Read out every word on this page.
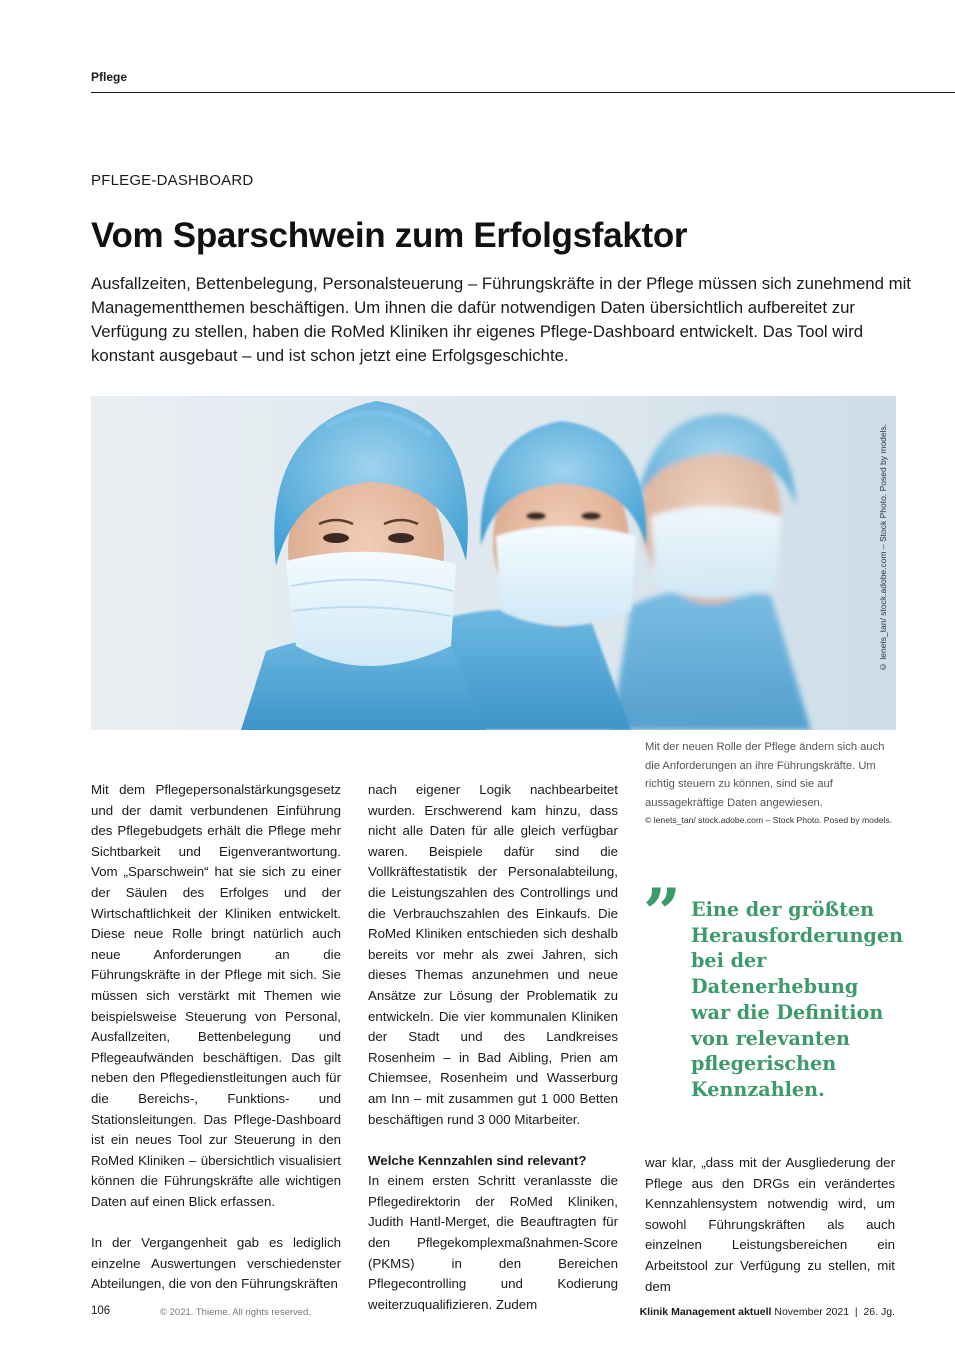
Pflege
PFLEGE-DASHBOARD
Vom Sparschwein zum Erfolgsfaktor

Ausfallzeiten, Bettenbelegung, Personalsteuerung – Führungskräfte in der Pflege müssen sich zunehmend mit Managementthemen beschäftigen. Um ihnen die dafür notwendigen Daten übersichtlich aufbereitet zur Verfügung zu stellen, haben die RoMed Kliniken ihr eigenes Pflege-Dashboard entwickelt. Das Tool wird konstant ausgebaut – und ist schon jetzt eine Erfolgsgeschichte.

© lenets_tan/ stock.adobe.com – Stock Photo. Posed by models.
Mit der neuen Rolle der Pflege ändern sich auch die Anforderungen an ihre Führungskräfte. Um richtig steuern zu können, sind sie auf aussagekräftige Daten angewiesen.
© lenets_tan/ stock.adobe.com – Stock Photo. Posed by models.

Mit dem Pflegepersonalstärkungsgesetz und der damit verbundenen Einführung des Pflegebudgets erhält die Pflege mehr Sichtbarkeit und Eigenverantwortung. Vom „Sparschwein“ hat sie sich zu einer der Säulen des Erfolges und der Wirtschaftlichkeit der Kliniken entwickelt. Diese neue Rolle bringt natürlich auch neue Anforderungen an die Führungskräfte in der Pflege mit sich. Sie müssen sich verstärkt mit Themen wie beispielsweise Steuerung von Personal, Ausfallzeiten, Bettenbelegung und Pflegeaufwänden beschäftigen. Das gilt neben den Pflegedienstleitungen auch für die Bereichs-, Funktions- und Stationsleitungen. Das Pflege-Dashboard ist ein neues Tool zur Steuerung in den RoMed Kliniken – übersichtlich visualisiert können die Führungskräfte alle wichtigen Daten auf einen Blick erfassen.

In der Vergangenheit gab es lediglich einzelne Auswertungen verschiedenster Abteilungen, die von den Führungskräften

nach eigener Logik nachbearbeitet wurden. Erschwerend kam hinzu, dass nicht alle Daten für alle gleich verfügbar waren. Beispiele dafür sind die Vollkräftestatistik der Personalabteilung, die Leistungszahlen des Controllings und die Verbrauchszahlen des Einkaufs. Die RoMed Kliniken entschieden sich deshalb bereits vor mehr als zwei Jahren, sich dieses Themas anzunehmen und neue Ansätze zur Lösung der Problematik zu entwickeln. Die vier kommunalen Kliniken der Stadt und des Landkreises Rosenheim – in Bad Aibling, Prien am Chiemsee, Rosenheim und Wasserburg am Inn – mit zusammen gut 1 000 Betten beschäftigen rund 3 000 Mitarbeiter.

Welche Kennzahlen sind relevant?
In einem ersten Schritt veranlasste die Pflegedirektorin der RoMed Kliniken, Judith Hantl-Merget, die Beauftragten für den Pflegekomplexmaßnahmen-Score (PKMS) in den Bereichen Pflegecontrolling und Kodierung weiterzuqualifizieren. Zudem

” Eine der größten Herausforderungen bei der Datenerhebung war die Definition von relevanten pflegerischen Kennzahlen.

war klar, „dass mit der Ausgliederung der Pflege aus den DRGs ein verändertes Kennzahlensystem notwendig wird, um sowohl Führungskräften als auch einzelnen Leistungsbereichen ein Arbeitstool zur Verfügung zu stellen, mit dem

106	© 2021. Thieme. All rights reserved.	Klinik Management aktuell November 2021  |  26. Jg.
